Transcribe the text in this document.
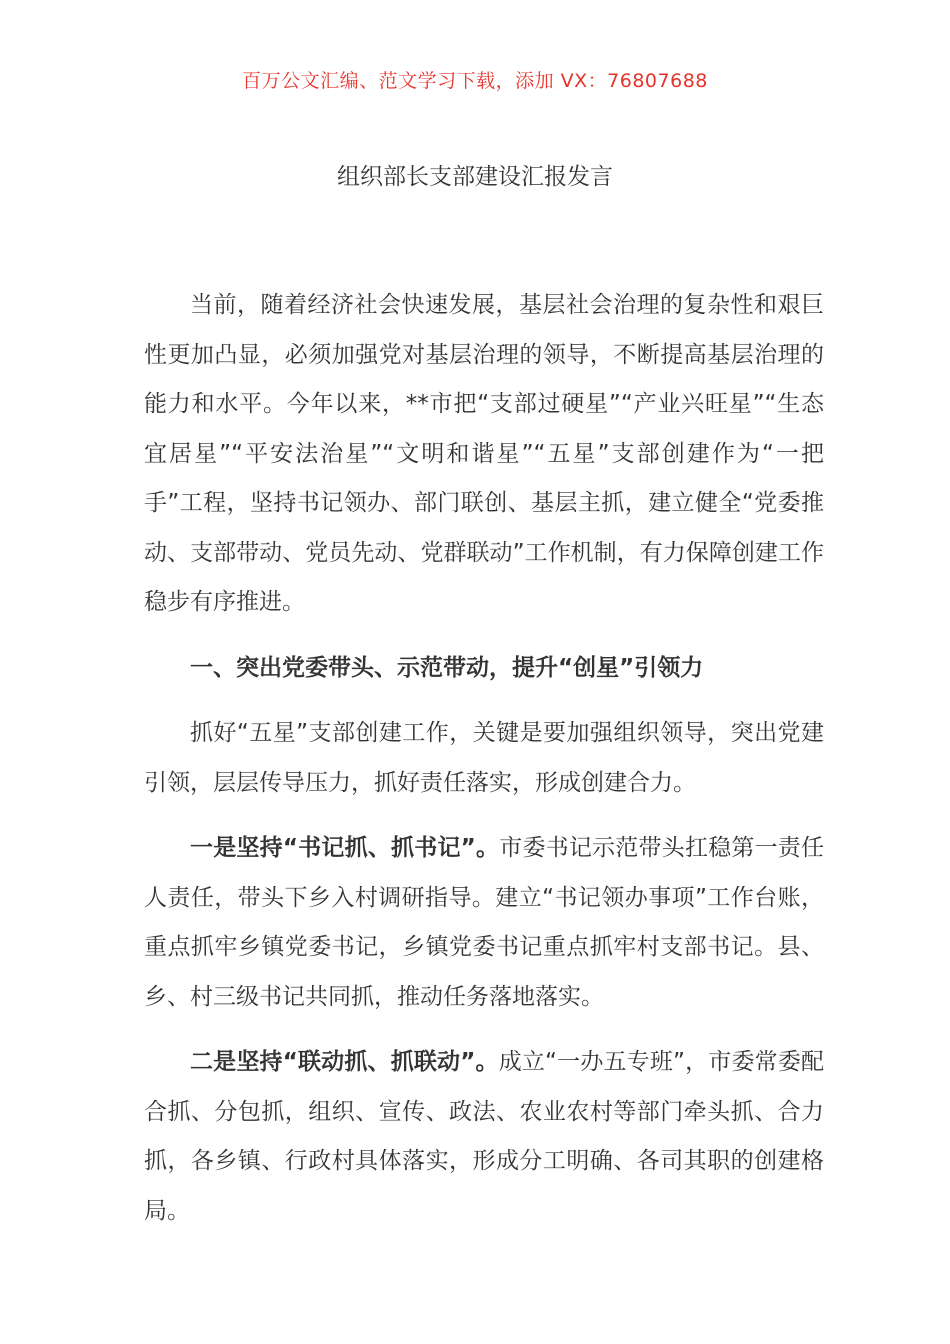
百万公文汇编、范文学习下载，添加 VX：76807688
组织部长支部建设汇报发言

当前，随着经济社会快速发展，基层社会治理的复杂性和艰巨性更加凸显，必须加强党对基层治理的领导，不断提高基层治理的能力和水平。今年以来，**市把“支部过硬星”“产业兴旺星”“生态宜居星”“平安法治星”“文明和谐星”“五星”支部创建作为“一把手”工程，坚持书记领办、部门联创、基层主抓，建立健全“党委推动、支部带动、党员先动、党群联动”工作机制，有力保障创建工作稳步有序推进。

一、突出党委带头、示范带动，提升“创星”引领力

抓好“五星”支部创建工作，关键是要加强组织领导，突出党建引领，层层传导压力，抓好责任落实，形成创建合力。

一是坚持“书记抓、抓书记”。市委书记示范带头扛稳第一责任人责任，带头下乡入村调研指导。建立“书记领办事项”工作台账，重点抓牢乡镇党委书记，乡镇党委书记重点抓牢村支部书记。县、乡、村三级书记共同抓，推动任务落地落实。

二是坚持“联动抓、抓联动”。成立“一办五专班”，市委常委配合抓、分包抓，组织、宣传、政法、农业农村等部门牵头抓、合力抓，各乡镇、行政村具体落实，形成分工明确、各司其职的创建格局。
